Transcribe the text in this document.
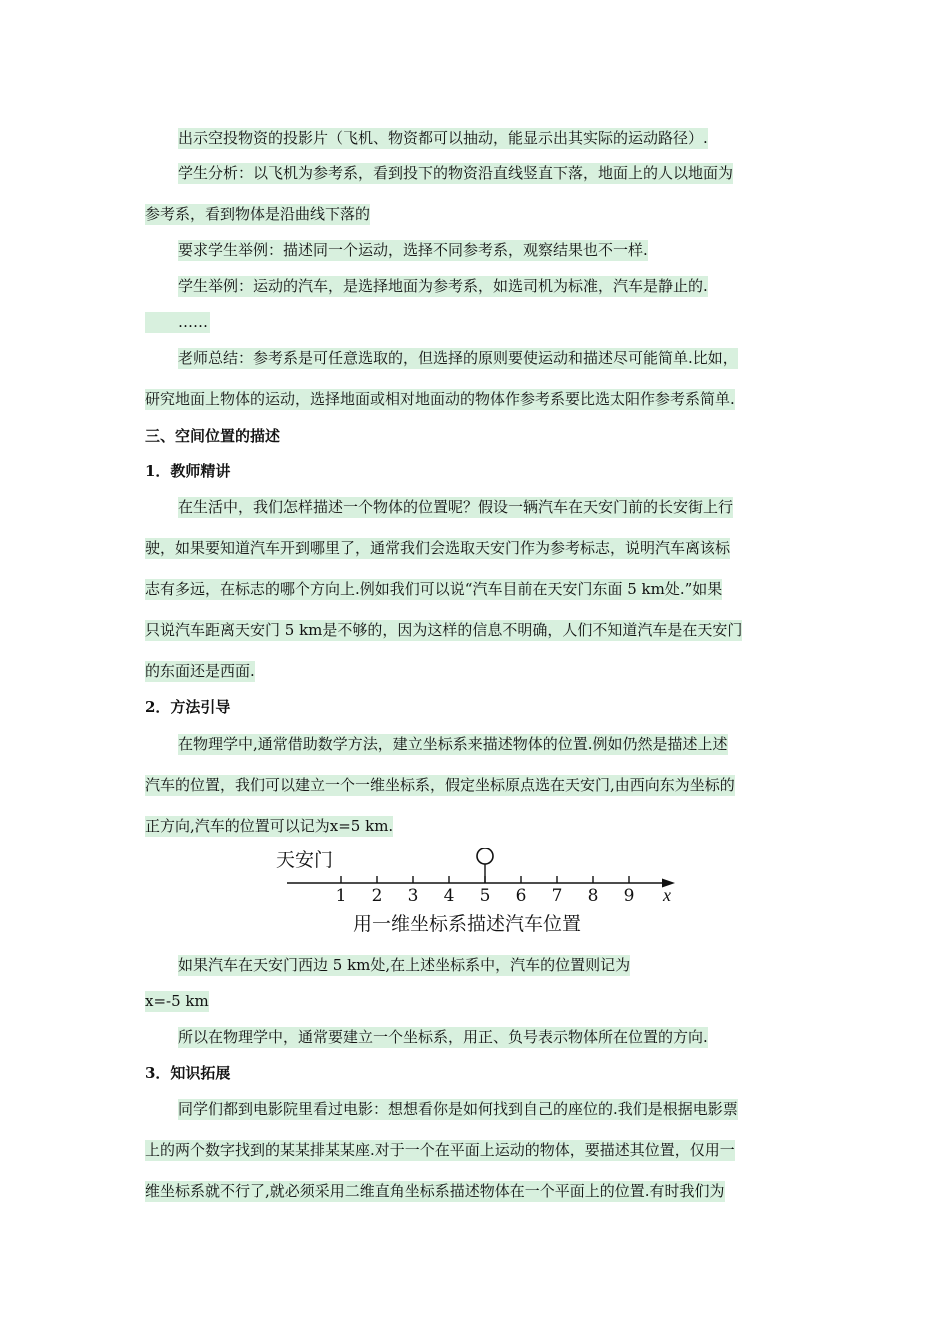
出示空投物资的投影片（飞机、物资都可以抽动，能显示出其实际的运动路径）.
学生分析：以飞机为参考系，看到投下的物资沿直线竖直下落，地面上的人以地面为
参考系，看到物体是沿曲线下落的
要求学生举例：描述同一个运动，选择不同参考系，观察结果也不一样.
学生举例：运动的汽车，是选择地面为参考系，如选司机为标准，汽车是静止的.
……
老师总结：参考系是可任意选取的，但选择的原则要使运动和描述尽可能简单.比如，
研究地面上物体的运动，选择地面或相对地面动的物体作参考系要比选太阳作参考系简单.
三、空间位置的描述
1．教师精讲
在生活中，我们怎样描述一个物体的位置呢？假设一辆汽车在天安门前的长安街上行
驶，如果要知道汽车开到哪里了，通常我们会选取天安门作为参考标志，说明汽车离该标
志有多远，在标志的哪个方向上.例如我们可以说“汽车目前在天安门东面 5 km处.”如果
只说汽车距离天安门 5 km是不够的，因为这样的信息不明确，人们不知道汽车是在天安门
的东面还是西面.
2．方法引导
在物理学中,通常借助数学方法，建立坐标系来描述物体的位置.例如仍然是描述上述
汽车的位置，我们可以建立一个一维坐标系，假定坐标原点选在天安门,由西向东为坐标的
正方向,汽车的位置可以记为x=5 km.
天安门
1 2 3 4 5 6 7 8 9 x
用一维坐标系描述汽车位置
如果汽车在天安门西边 5 km处,在上述坐标系中，汽车的位置则记为
x=-5 km
所以在物理学中，通常要建立一个坐标系，用正、负号表示物体所在位置的方向.
3．知识拓展
同学们都到电影院里看过电影：想想看你是如何找到自己的座位的.我们是根据电影票
上的两个数字找到的某某排某某座.对于一个在平面上运动的物体，要描述其位置，仅用一
维坐标系就不行了,就必须采用二维直角坐标系描述物体在一个平面上的位置.有时我们为
